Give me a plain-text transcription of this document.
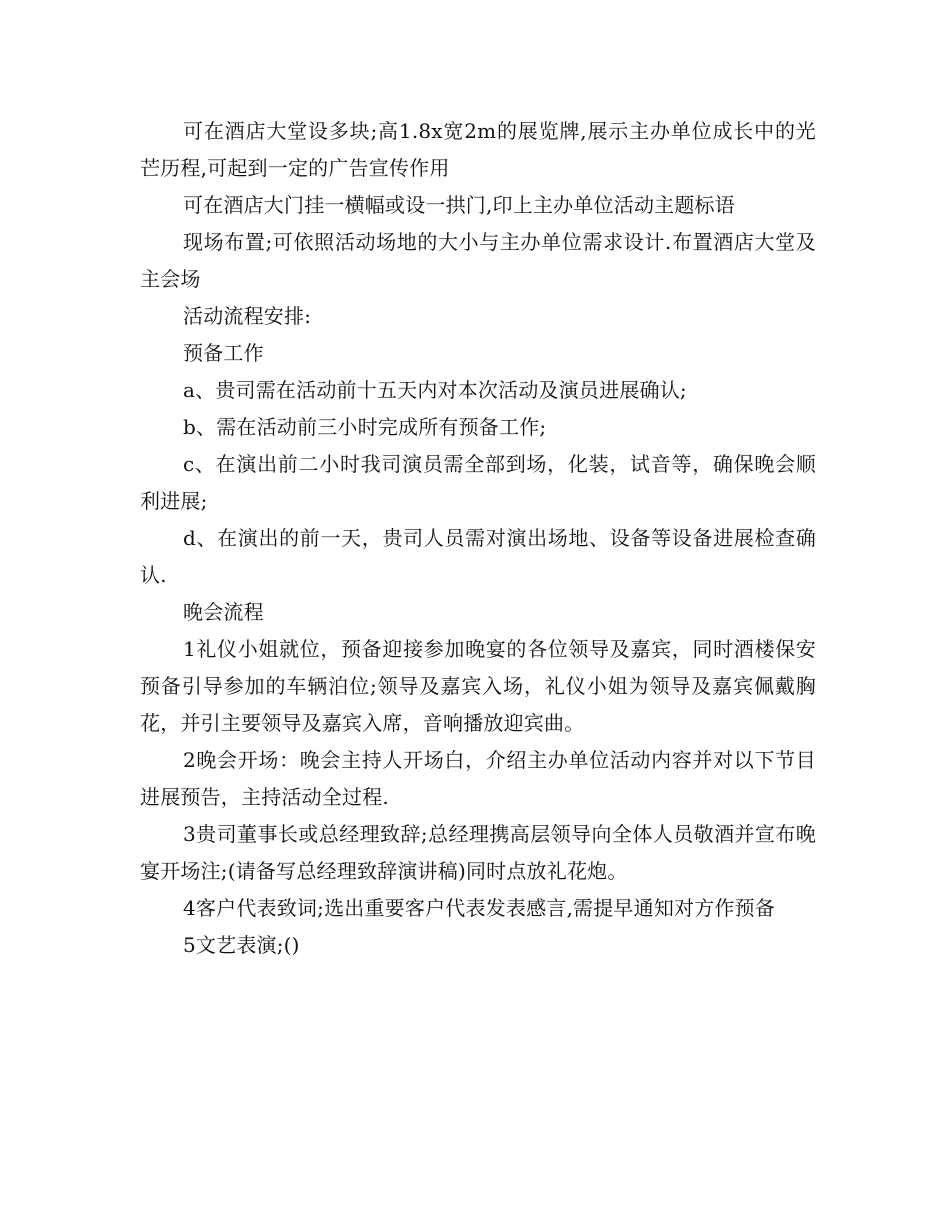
可在酒店大堂设多块;高1.8x宽2m的展览牌,展示主办单位成长中的光芒历程,可起到一定的广告宣传作用

可在酒店大门挂一横幅或设一拱门,印上主办单位活动主题标语

现场布置;可依照活动场地的大小与主办单位需求设计.布置酒店大堂及主会场

活动流程安排:

预备工作

a、贵司需在活动前十五天内对本次活动及演员进展确认;

b、需在活动前三小时完成所有预备工作;

c、在演出前二小时我司演员需全部到场，化装，试音等，确保晚会顺利进展;

d、在演出的前一天，贵司人员需对演出场地、设备等设备进展检查确认.

晚会流程

1礼仪小姐就位，预备迎接参加晚宴的各位领导及嘉宾，同时酒楼保安预备引导参加的车辆泊位;领导及嘉宾入场，礼仪小姐为领导及嘉宾佩戴胸花，并引主要领导及嘉宾入席，音响播放迎宾曲。

2晚会开场：晚会主持人开场白，介绍主办单位活动内容并对以下节目进展预告，主持活动全过程.

3贵司董事长或总经理致辞;总经理携高层领导向全体人员敬酒并宣布晚宴开场注;(请备写总经理致辞演讲稿)同时点放礼花炮。

4客户代表致词;选出重要客户代表发表感言,需提早通知对方作预备

5文艺表演;()
